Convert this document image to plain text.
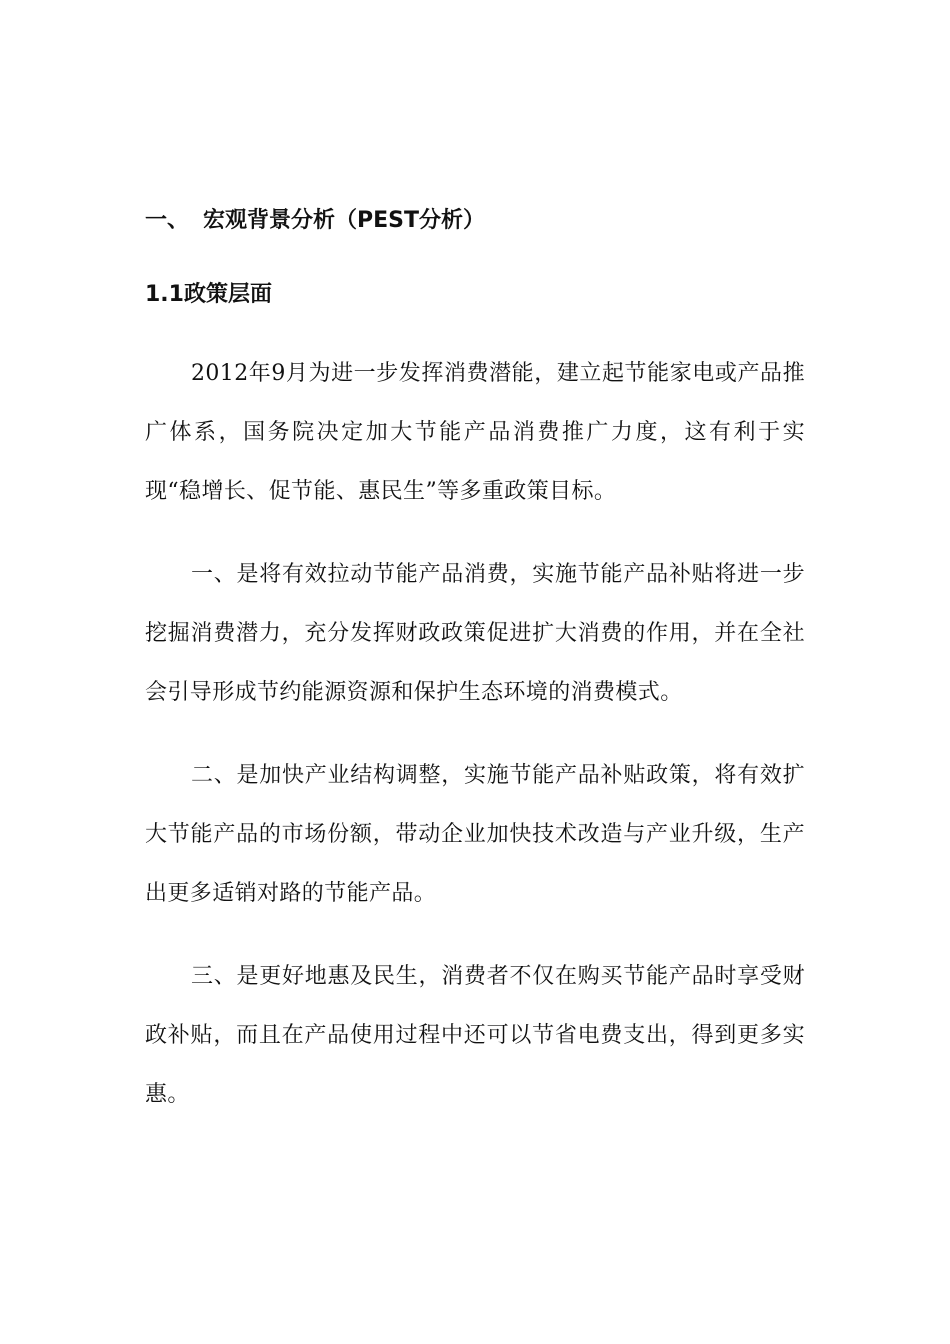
一、 宏观背景分析（PEST分析）
1.1政策层面

2012年9月为进一步发挥消费潜能，建立起节能家电或产品推广体系，国务院决定加大节能产品消费推广力度，这有利于实现“稳增长、促节能、惠民生”等多重政策目标。

一、是将有效拉动节能产品消费，实施节能产品补贴将进一步挖掘消费潜力，充分发挥财政政策促进扩大消费的作用，并在全社会引导形成节约能源资源和保护生态环境的消费模式。

二、是加快产业结构调整，实施节能产品补贴政策，将有效扩大节能产品的市场份额，带动企业加快技术改造与产业升级，生产出更多适销对路的节能产品。

三、是更好地惠及民生，消费者不仅在购买节能产品时享受财政补贴，而且在产品使用过程中还可以节省电费支出，得到更多实惠。
